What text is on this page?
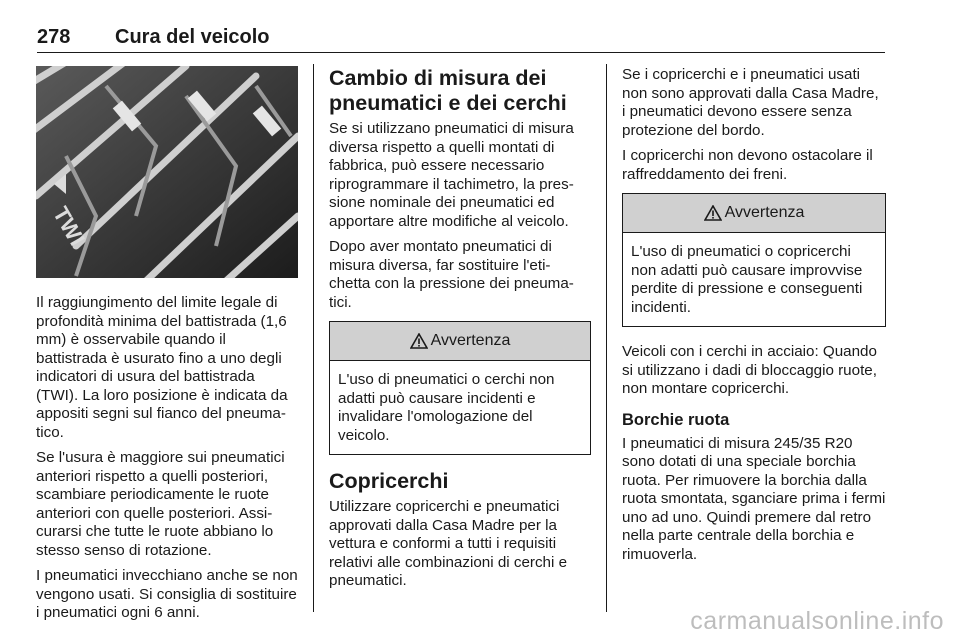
278 Cura del veicolo
TWI

Il raggiungimento del limite legale di profondità minima del battistrada (1,6 mm) è osservabile quando il battistrada è usurato fino a uno degli indicatori di usura del battistrada (TWI). La loro posizione è indicata da appositi segni sul fianco del pneuma-tico.

Se l'usura è maggiore sui pneumatici anteriori rispetto a quelli posteriori, scambiare periodicamente le ruote anteriori con quelle posteriori. Assi-curarsi che tutte le ruote abbiano lo stesso senso di rotazione.

I pneumatici invecchiano anche se non vengono usati. Si consiglia di sostituire i pneumatici ogni 6 anni.

Cambio di misura dei pneumatici e dei cerchi

Se si utilizzano pneumatici di misura diversa rispetto a quelli montati di fabbrica, può essere necessario riprogrammare il tachimetro, la pres-sione nominale dei pneumatici ed apportare altre modifiche al veicolo.

Dopo aver montato pneumatici di misura diversa, far sostituire l'eti-chetta con la pressione dei pneuma-tici.

Avvertenza

L'uso di pneumatici o cerchi non adatti può causare incidenti e invalidare l'omologazione del veicolo.

Copricerchi

Utilizzare copricerchi e pneumatici approvati dalla Casa Madre per la vettura e conformi a tutti i requisiti relativi alle combinazioni di cerchi e pneumatici.

Se i copricerchi e i pneumatici usati non sono approvati dalla Casa Madre, i pneumatici devono essere senza protezione del bordo.

I copricerchi non devono ostacolare il raffreddamento dei freni.

Avvertenza

L'uso di pneumatici o copricerchi non adatti può causare improvvise perdite di pressione e conseguenti incidenti.

Veicoli con i cerchi in acciaio: Quando si utilizzano i dadi di bloccaggio ruote, non montare copricerchi.

Borchie ruota

I pneumatici di misura 245/35 R20 sono dotati di una speciale borchia ruota. Per rimuovere la borchia dalla ruota smontata, sganciare prima i fermi uno ad uno. Quindi premere dal retro nella parte centrale della borchia e rimuoverla.

carmanualsonline.info
